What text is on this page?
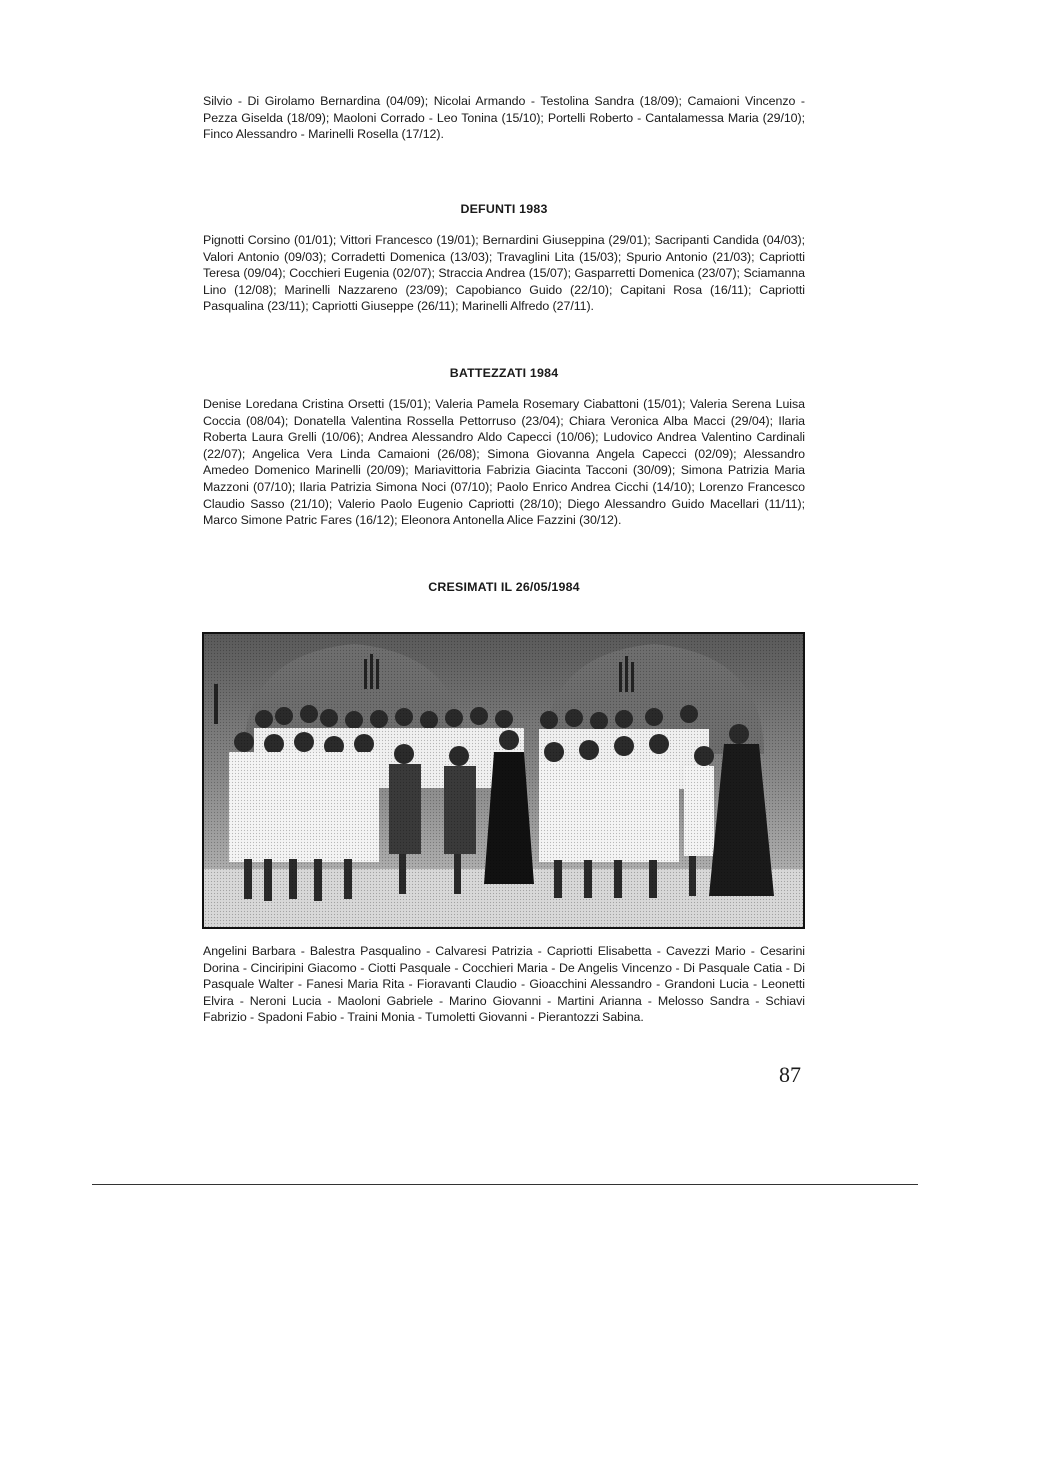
Silvio - Di Girolamo Bernardina (04/09); Nicolai Armando - Testolina Sandra (18/09); Camaioni Vincenzo - Pezza Giselda (18/09); Maoloni Corrado - Leo Tonina (15/10); Portelli Roberto - Cantalamessa Maria (29/10); Finco Alessandro - Marinelli Rosella (17/12).

DEFUNTI 1983

Pignotti Corsino (01/01); Vittori Francesco (19/01); Bernardini Giuseppina (29/01); Sacripanti Candida (04/03); Valori Antonio (09/03); Corradetti Domenica (13/03); Travaglini Lita (15/03); Spurio Antonio (21/03); Capriotti Teresa (09/04); Cocchieri Eugenia (02/07); Straccia Andrea (15/07); Gasparretti Domenica (23/07); Sciamanna Lino (12/08); Marinelli Nazzareno (23/09); Capobianco Guido (22/10); Capitani Rosa (16/11); Capriotti Pasqualina (23/11); Capriotti Giuseppe (26/11); Marinelli Alfredo (27/11).

BATTEZZATI 1984

Denise Loredana Cristina Orsetti (15/01); Valeria Pamela Rosemary Ciabattoni (15/01); Valeria Serena Luisa Coccia (08/04); Donatella Valentina Rossella Pettorruso (23/04); Chiara Veronica Alba Macci (29/04); Ilaria Roberta Laura Grelli (10/06); Andrea Alessandro Aldo Capecci (10/06); Ludovico Andrea Valentino Cardinali (22/07); Angelica Vera Linda Camaioni (26/08); Simona Giovanna Angela Capecci (02/09); Alessandro Amedeo Domenico Marinelli (20/09); Mariavittoria Fabrizia Giacinta Tacconi (30/09); Simona Patrizia Maria Mazzoni (07/10); Ilaria Patrizia Simona Noci (07/10); Paolo Enrico Andrea Cicchi (14/10); Lorenzo Francesco Claudio Sasso (21/10); Valerio Paolo Eugenio Capriotti (28/10); Diego Alessandro Guido Macellari (11/11); Marco Simone Patric Fares (16/12); Eleonora Antonella Alice Fazzini (30/12).

CRESIMATI IL 26/05/1984

Angelini Barbara - Balestra Pasqualino - Calvaresi Patrizia - Capriotti Elisabetta - Cavezzi Mario - Cesarini Dorina - Cinciripini Giacomo - Ciotti Pasquale - Cocchieri Maria - De Angelis Vincenzo - Di Pasquale Catia - Di Pasquale Walter - Fanesi Maria Rita - Fioravanti Claudio - Gioacchini Alessandro - Grandoni Lucia - Leonetti Elvira - Neroni Lucia - Maoloni Gabriele - Marino Giovanni - Martini Arianna - Melosso Sandra - Schiavi Fabrizio - Spadoni Fabio - Traini Monia - Tumoletti Giovanni - Pierantozzi Sabina.

87
